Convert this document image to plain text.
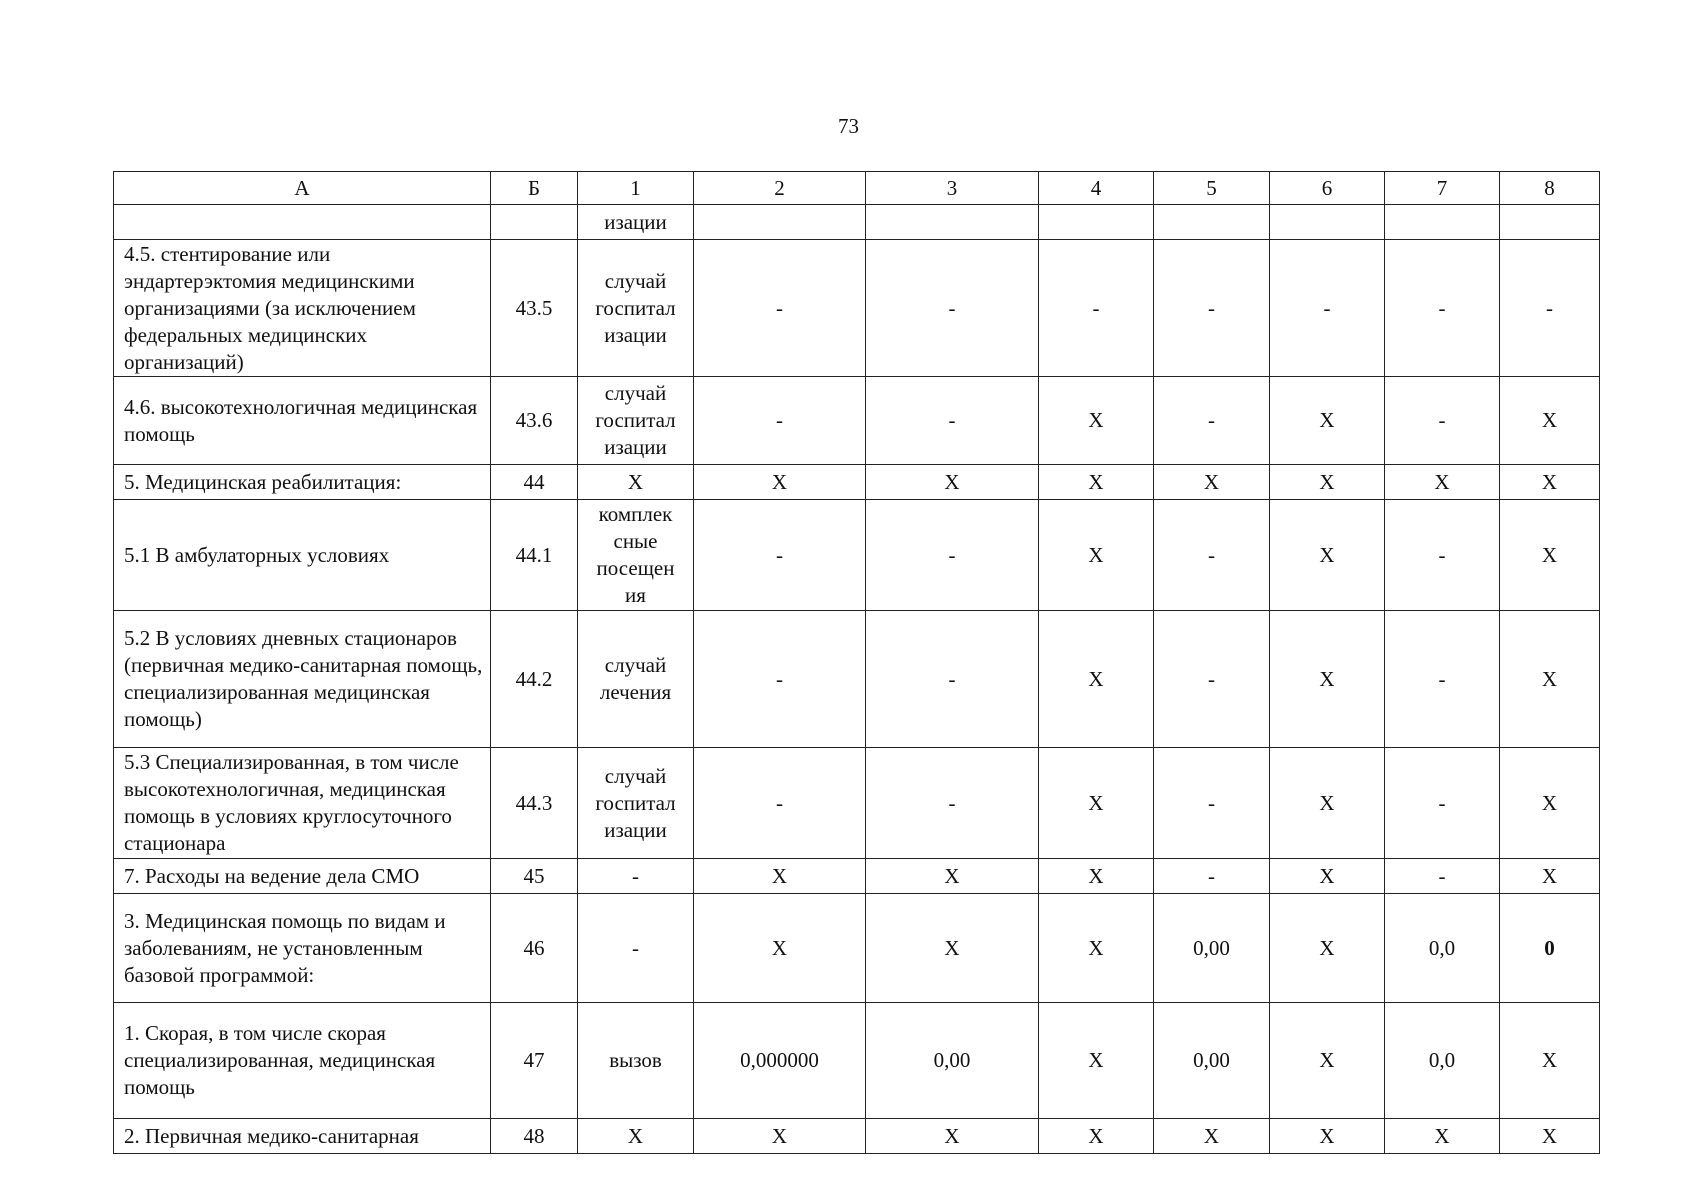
73
А	Б	1	2	3	4	5	6	7	8
		изации							
4.5. стентирование или эндартерэктомия медицинскими организациями (за исключением федеральных медицинских организаций)	43.5	случай госпитал изации	-	-	-	-	-	-	-
4.6. высокотехнологичная медицинская помощь	43.6	случай госпитал изации	-	-	X	-	X	-	X
5. Медицинская реабилитация:	44	X	X	X	X	X	X	X	X
5.1 В амбулаторных условиях	44.1	комплек сные посещен ия	-	-	X	-	X	-	X
5.2 В условиях дневных стационаров (первичная медико-санитарная помощь, специализированная медицинская помощь)	44.2	случай лечения	-	-	X	-	X	-	X
5.3 Специализированная, в том числе высокотехнологичная, медицинская помощь в условиях круглосуточного стационара	44.3	случай госпитал изации	-	-	X	-	X	-	X
7. Расходы на ведение дела СМО	45	-	X	X	X	-	X	-	X
3. Медицинская помощь по видам и заболеваниям, не установленным базовой программой:	46	-	X	X	X	0,00	X	0,0	0
1. Скорая, в том числе скорая специализированная, медицинская помощь	47	вызов	0,000000	0,00	X	0,00	X	0,0	X
2. Первичная медико-санитарная	48	X	X	X	X	X	X	X	X
